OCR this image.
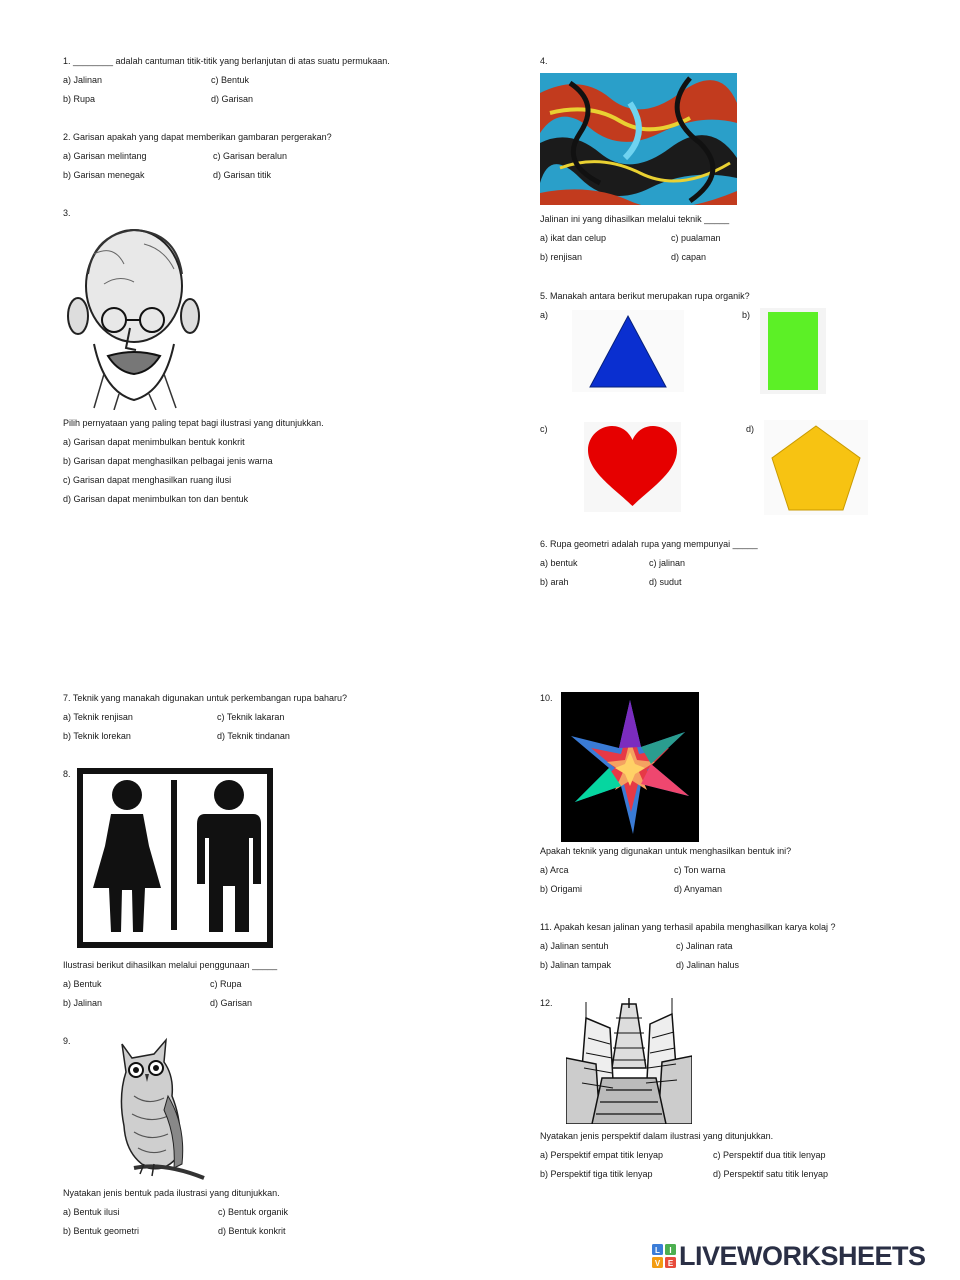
1. ________ adalah cantuman titik-titik yang berlanjutan di atas suatu permukaan.
a) Jalinan	c) Bentuk
b) Rupa	d) Garisan
2. Garisan apakah yang dapat memberikan gambaran pergerakan?
a) Garisan melintang	c) Garisan beralun
b) Garisan menegak	d) Garisan titik
3.
Pilih pernyataan yang paling tepat bagi ilustrasi yang ditunjukkan.
a) Garisan dapat menimbulkan bentuk konkrit
b) Garisan dapat menghasilkan pelbagai jenis warna
c) Garisan dapat menghasilkan ruang ilusi
d) Garisan dapat menimbulkan ton dan bentuk
4.
Jalinan ini yang dihasilkan melalui teknik _____
a) ikat dan celup	c) pualaman
b) renjisan	d) capan
5. Manakah antara berikut merupakan rupa organik?
a)	b)
c)	d)
6. Rupa geometri adalah rupa yang mempunyai _____
a) bentuk	c) jalinan
b) arah	d) sudut
7. Teknik yang manakah digunakan untuk perkembangan rupa baharu?
a) Teknik renjisan	c) Teknik lakaran
b) Teknik lorekan	d) Teknik tindanan
8.
Ilustrasi berikut dihasilkan melalui penggunaan _____
a) Bentuk	c) Rupa
b) Jalinan	d) Garisan
9.
Nyatakan jenis bentuk pada ilustrasi yang ditunjukkan.
a) Bentuk ilusi	c) Bentuk organik
b) Bentuk geometri	d) Bentuk konkrit
10.
Apakah teknik yang digunakan untuk menghasilkan bentuk ini?
a) Arca	c) Ton warna
b) Origami	d) Anyaman
11. Apakah kesan jalinan yang terhasil apabila menghasilkan karya kolaj ?
a) Jalinan sentuh	c) Jalinan rata
b) Jalinan tampak	d) Jalinan halus
12.
Nyatakan jenis perspektif dalam ilustrasi yang ditunjukkan.
a) Perspektif empat titik lenyap	c) Perspektif dua titik lenyap
b) Perspektif tiga titik lenyap	d) Perspektif satu titik lenyap
L I
V E LIVEWORKSHEETS
